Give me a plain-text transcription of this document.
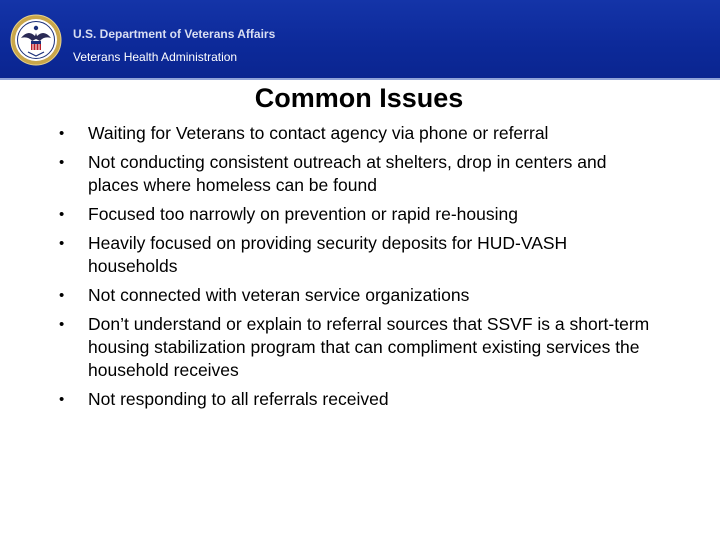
U.S. Department of Veterans Affairs
Veterans Health Administration
Common Issues
• Waiting for Veterans to contact agency via phone or referral
• Not conducting consistent outreach at shelters, drop in centers and places where homeless can be found
• Focused too narrowly on prevention or rapid re-housing
• Heavily focused on providing security deposits for HUD-VASH households
• Not connected with veteran service organizations
• Don’t understand or explain to referral sources that SSVF is a short-term housing stabilization program that can compliment existing services the household receives
• Not responding to all referrals received
